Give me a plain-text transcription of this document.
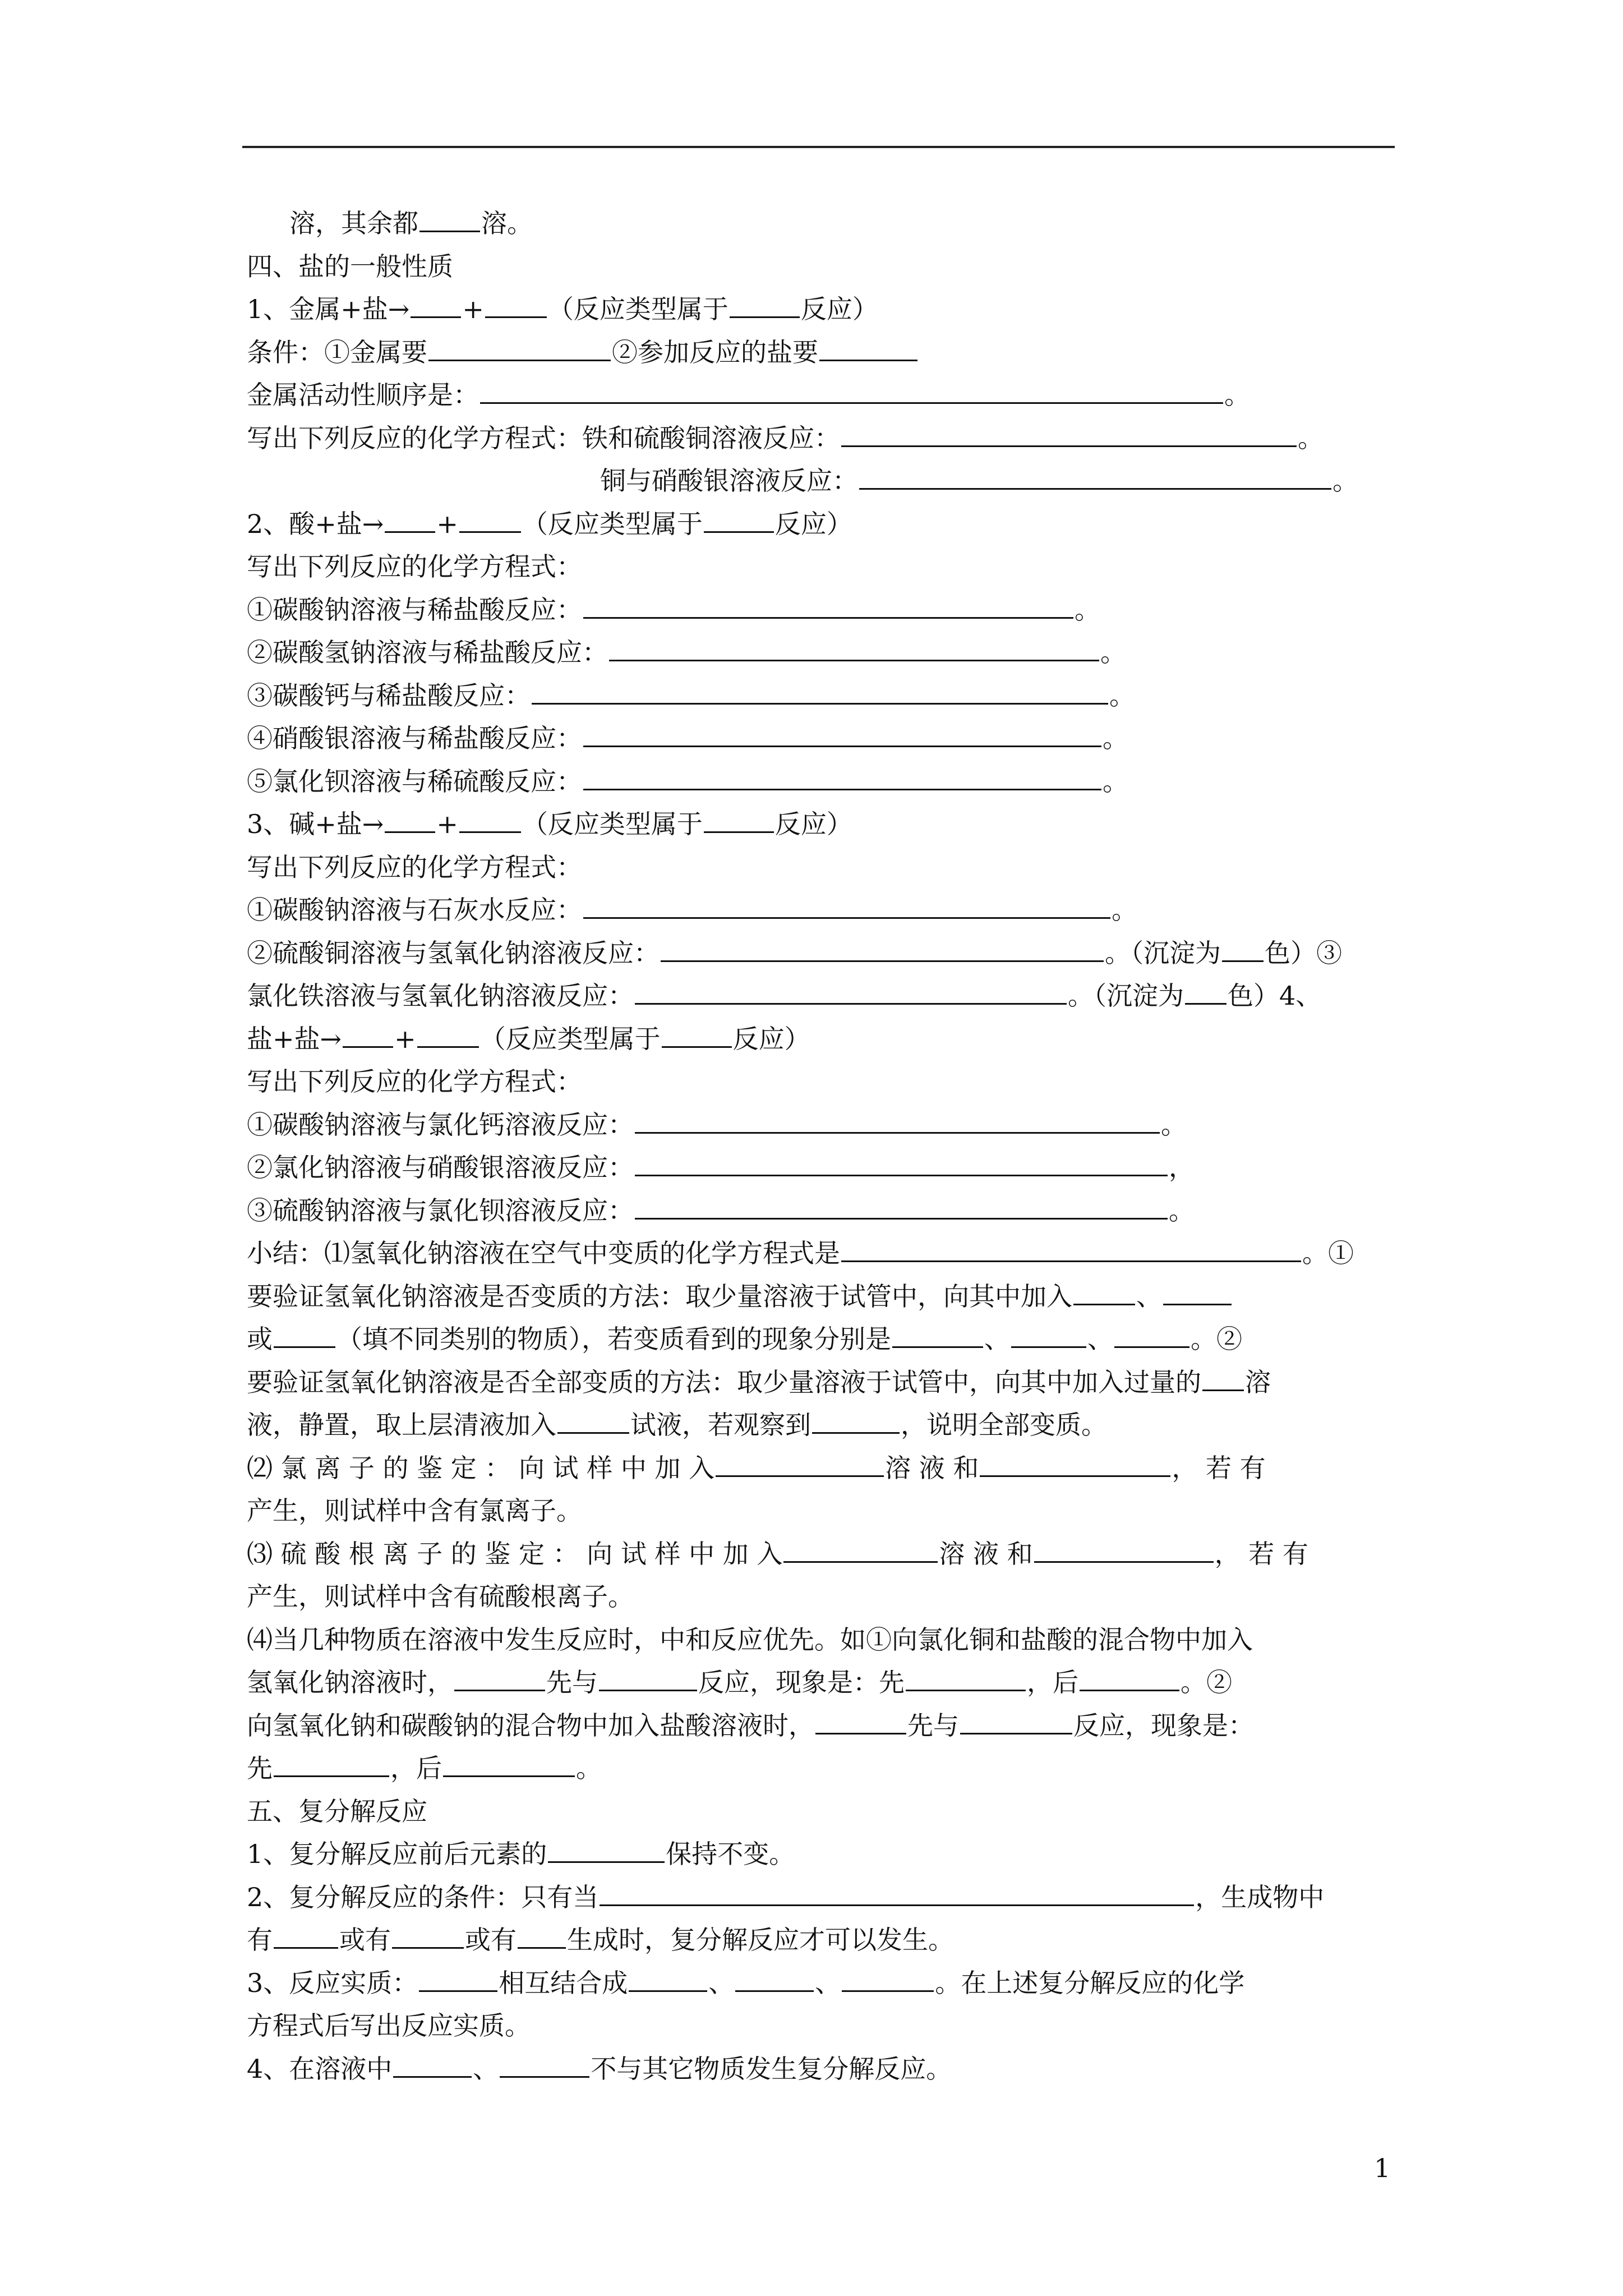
溶，其余都 溶。
四、盐的一般性质
1、金属+盐→ + （反应类型属于	反应）
条件：①金属要	②参加反应的盐要
金属活动性顺序是：	。
写出下列反应的化学方程式：铁和硫酸铜溶液反应：	。
铜与硝酸银溶液反应：	。
2、酸+盐→ + （反应类型属于	反应）
写出下列反应的化学方程式：
①碳酸钠溶液与稀盐酸反应：	。
②碳酸氢钠溶液与稀盐酸反应：	。
③碳酸钙与稀盐酸反应：	。
④硝酸银溶液与稀盐酸反应：	。
⑤氯化钡溶液与稀硫酸反应：	。
3、碱+盐→ + （反应类型属于	反应）
写出下列反应的化学方程式：
①碳酸钠溶液与石灰水反应：	。
②硫酸铜溶液与氢氧化钠溶液反应：	。（沉淀为 色）③
氯化铁溶液与氢氧化钠溶液反应：	。（沉淀为 色）4、
盐+盐→ + （反应类型属于	反应）
写出下列反应的化学方程式：
①碳酸钠溶液与氯化钙溶液反应：	。
②氯化钠溶液与硝酸银溶液反应：	，
③硫酸钠溶液与氯化钡溶液反应：	。
小结：⑴氢氧化钠溶液在空气中变质的化学方程式是	。①
要验证氢氧化钠溶液是否变质的方法：取少量溶液于试管中，向其中加入 、
或 （填不同类别的物质），若变质看到的现象分别是	、	、	。②
要验证氢氧化钠溶液是否全部变质的方法：取少量溶液于试管中，向其中加入过量的 溶
液，静置，取上层清液加入	试液，若观察到	，说明全部变质。
⑵ 氯 离 子 的 鉴 定 ： 向 试 样 中 加 入	溶 液 和	， 若 有
产生，则试样中含有氯离子。
⑶ 硫 酸 根 离 子 的 鉴 定 ： 向 试 样 中 加 入	溶 液 和	， 若 有
产生，则试样中含有硫酸根离子。
⑷当几种物质在溶液中发生反应时，中和反应优先。如①向氯化铜和盐酸的混合物中加入
氢氧化钠溶液时，	先与	反应，现象是：先	，后	。②
向氢氧化钠和碳酸钠的混合物中加入盐酸溶液时，	先与	反应，现象是：
先	，后	。
五、复分解反应
1、复分解反应前后元素的	保持不变。
2、复分解反应的条件：只有当	，生成物中
有	或有	或有 生成时，复分解反应才可以发生。
3、反应实质：	相互结合成	、	、	。在上述复分解反应的化学
方程式后写出反应实质。
4、在溶液中	、	不与其它物质发生复分解反应。
1
